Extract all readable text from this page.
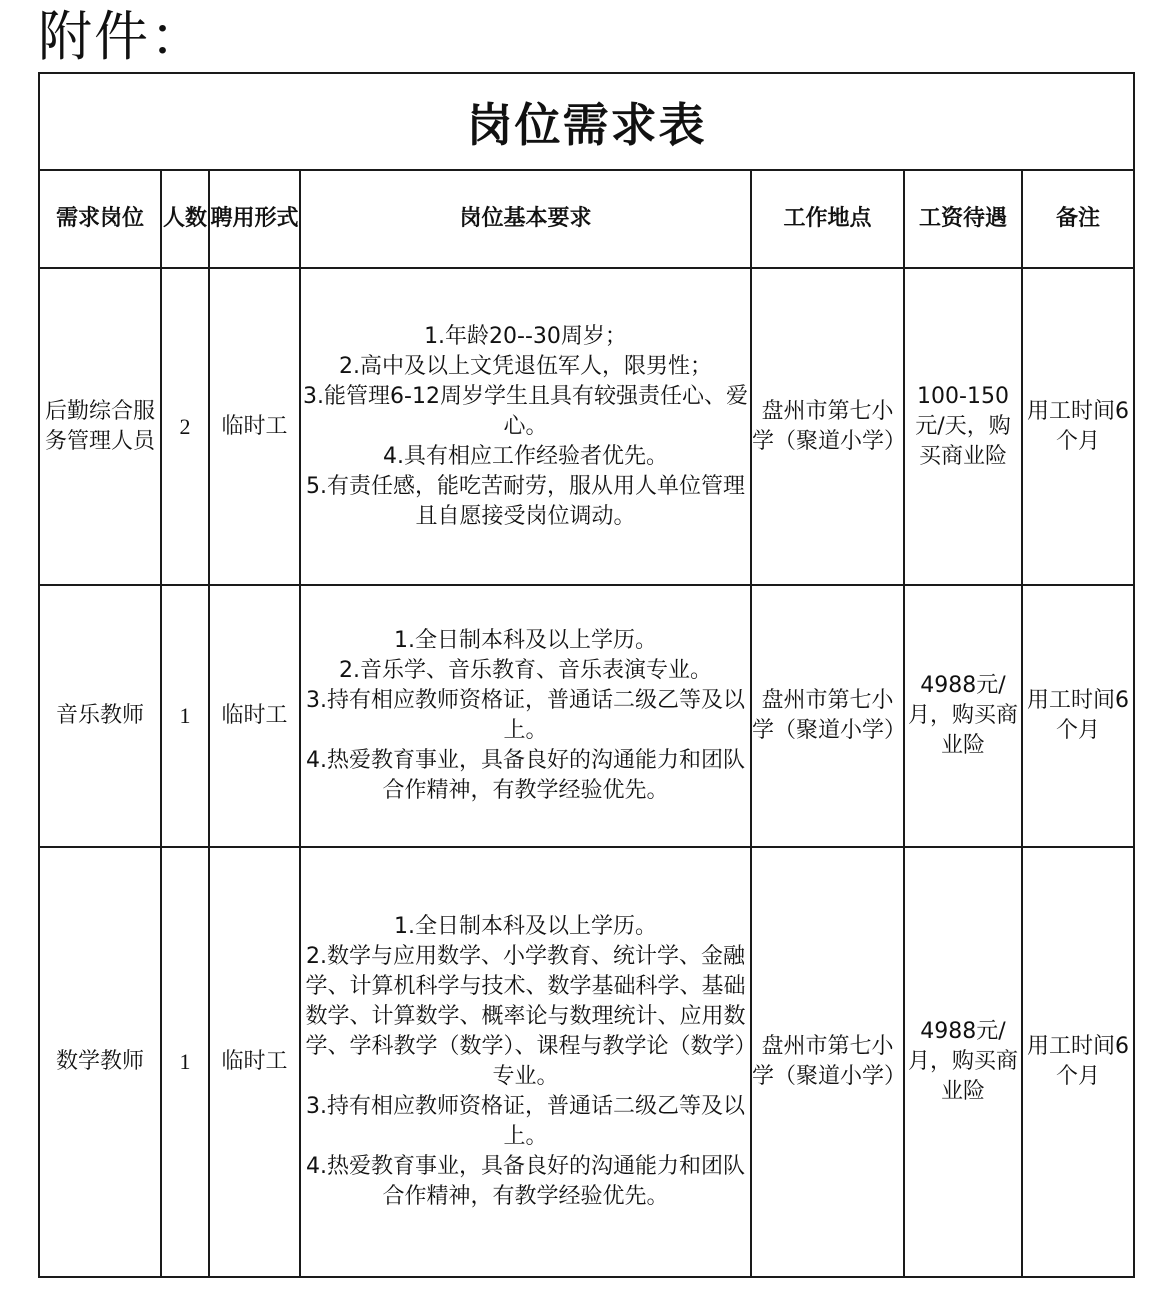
附件：
岗位需求表						
需求岗位	人数	聘用形式	岗位基本要求	工作地点	工资待遇	备注
后勤综合服务管理人员	2	临时工	1.年龄20--30周岁；
2.高中及以上文凭退伍军人，限男性；
3.能管理6-12周岁学生且具有较强责任心、爱心。
4.具有相应工作经验者优先。
5.有责任感，能吃苦耐劳，服从用人单位管理且自愿接受岗位调动。	盘州市第七小学（聚道小学）	100-150元/天，购买商业险	用工时间6个月
音乐教师	1	临时工	1.全日制本科及以上学历。
2.音乐学、音乐教育、音乐表演专业。
3.持有相应教师资格证，普通话二级乙等及以上。
4.热爱教育事业，具备良好的沟通能力和团队合作精神，有教学经验优先。	盘州市第七小学（聚道小学）	4988元/月，购买商业险	用工时间6个月
数学教师	1	临时工	1.全日制本科及以上学历。
2.数学与应用数学、小学教育、统计学、金融学、计算机科学与技术、数学基础科学、基础数学、计算数学、概率论与数理统计、应用数学、学科教学（数学）、课程与教学论（数学）专业。
3.持有相应教师资格证，普通话二级乙等及以上。
4.热爱教育事业，具备良好的沟通能力和团队合作精神，有教学经验优先。	盘州市第七小学（聚道小学）	4988元/月，购买商业险	用工时间6个月
